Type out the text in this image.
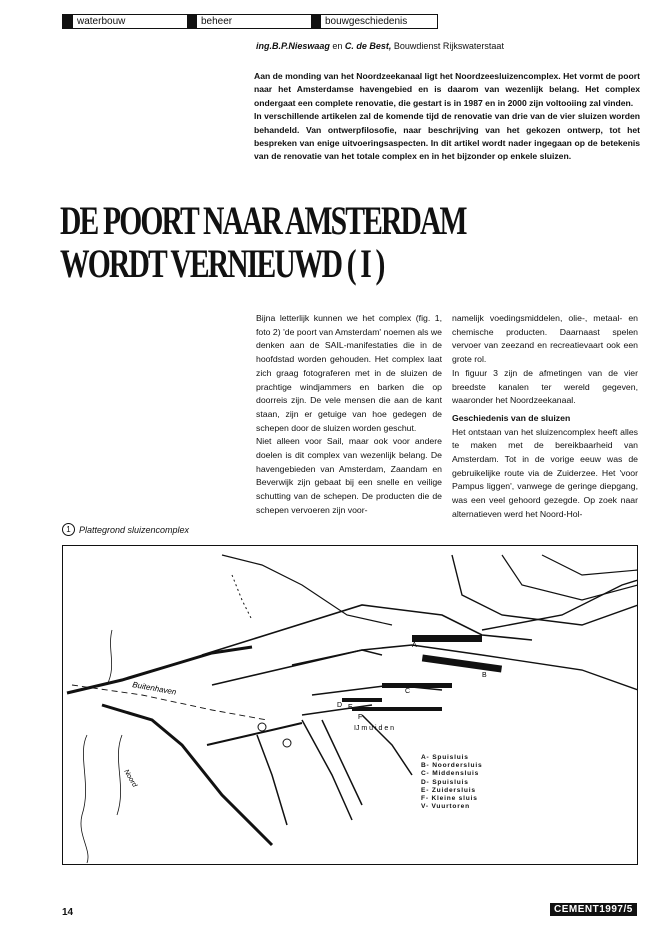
waterbouw	beheer	bouwgeschiedenis
ing.B.P.Nieswaag en C. de Best, Bouwdienst Rijkswaterstaat

Aan de monding van het Noordzeekanaal ligt het Noordzeesluizencomplex. Het vormt de poort naar het Amsterdamse havengebied en is daarom van wezenlijk belang. Het complex ondergaat een complete renovatie, die gestart is in 1987 en in 2000 zijn voltooiing zal vinden.

In verschillende artikelen zal de komende tijd de renovatie van drie van de vier sluizen worden behandeld. Van ontwerpfilosofie, naar beschrijving van het gekozen ontwerp, tot het bespreken van enige uitvoeringsaspecten. In dit artikel wordt nader ingegaan op de betekenis van de renovatie van het totale complex en in het bijzonder op enkele sluizen.

DE POORT NAAR AMSTERDAM
WORDT VERNIEUWD ( I )

Bijna letterlijk kunnen we het complex (fig. 1, foto 2) 'de poort van Amsterdam' noemen als we denken aan de SAIL-manifestaties die in de hoofdstad worden gehouden. Het complex laat zich graag fotograferen met in de sluizen de prachtige windjammers en barken die op doorreis zijn. De vele mensen die aan de kant staan, zijn er getuige van hoe gedegen de schepen door de sluizen worden geschut.

Niet alleen voor Sail, maar ook voor andere doelen is dit complex van wezenlijk belang. De havengebieden van Amsterdam, Zaandam en Beverwijk zijn gebaat bij een snelle en veilige schutting van de schepen. De producten die de schepen vervoeren zijn voor-

namelijk voedingsmiddelen, olie-, metaal- en chemische producten. Daarnaast spelen vervoer van zeezand en recreatievaart ook een grote rol.

In figuur 3 zijn de afmetingen van de vier breedste kanalen ter wereld gegeven, waaronder het Noordzeekanaal.

Geschiedenis van de sluizen

Het ontstaan van het sluizencomplex heeft alles te maken met de bereikbaarheid van Amsterdam. Tot in de vorige eeuw was de gebruikelijke route via de Zuiderzee. Het 'voor Pampus liggen', vanwege de geringe diepgang, was een veel gehoord gezegde. Op zoek naar alternatieven werd het Noord-Hol-

1 Plattegrond sluizencomplex
Buitenhaven
IJ m u i d e n
Noord
A
B
C
D E
F
A- Spuisluis
B- Noordersluis
C- Middensluis
D- Spuisluis
E- Zuidersluis
F- Kleine sluis
V- Vuurtoren
14	CEMENT1997/5
